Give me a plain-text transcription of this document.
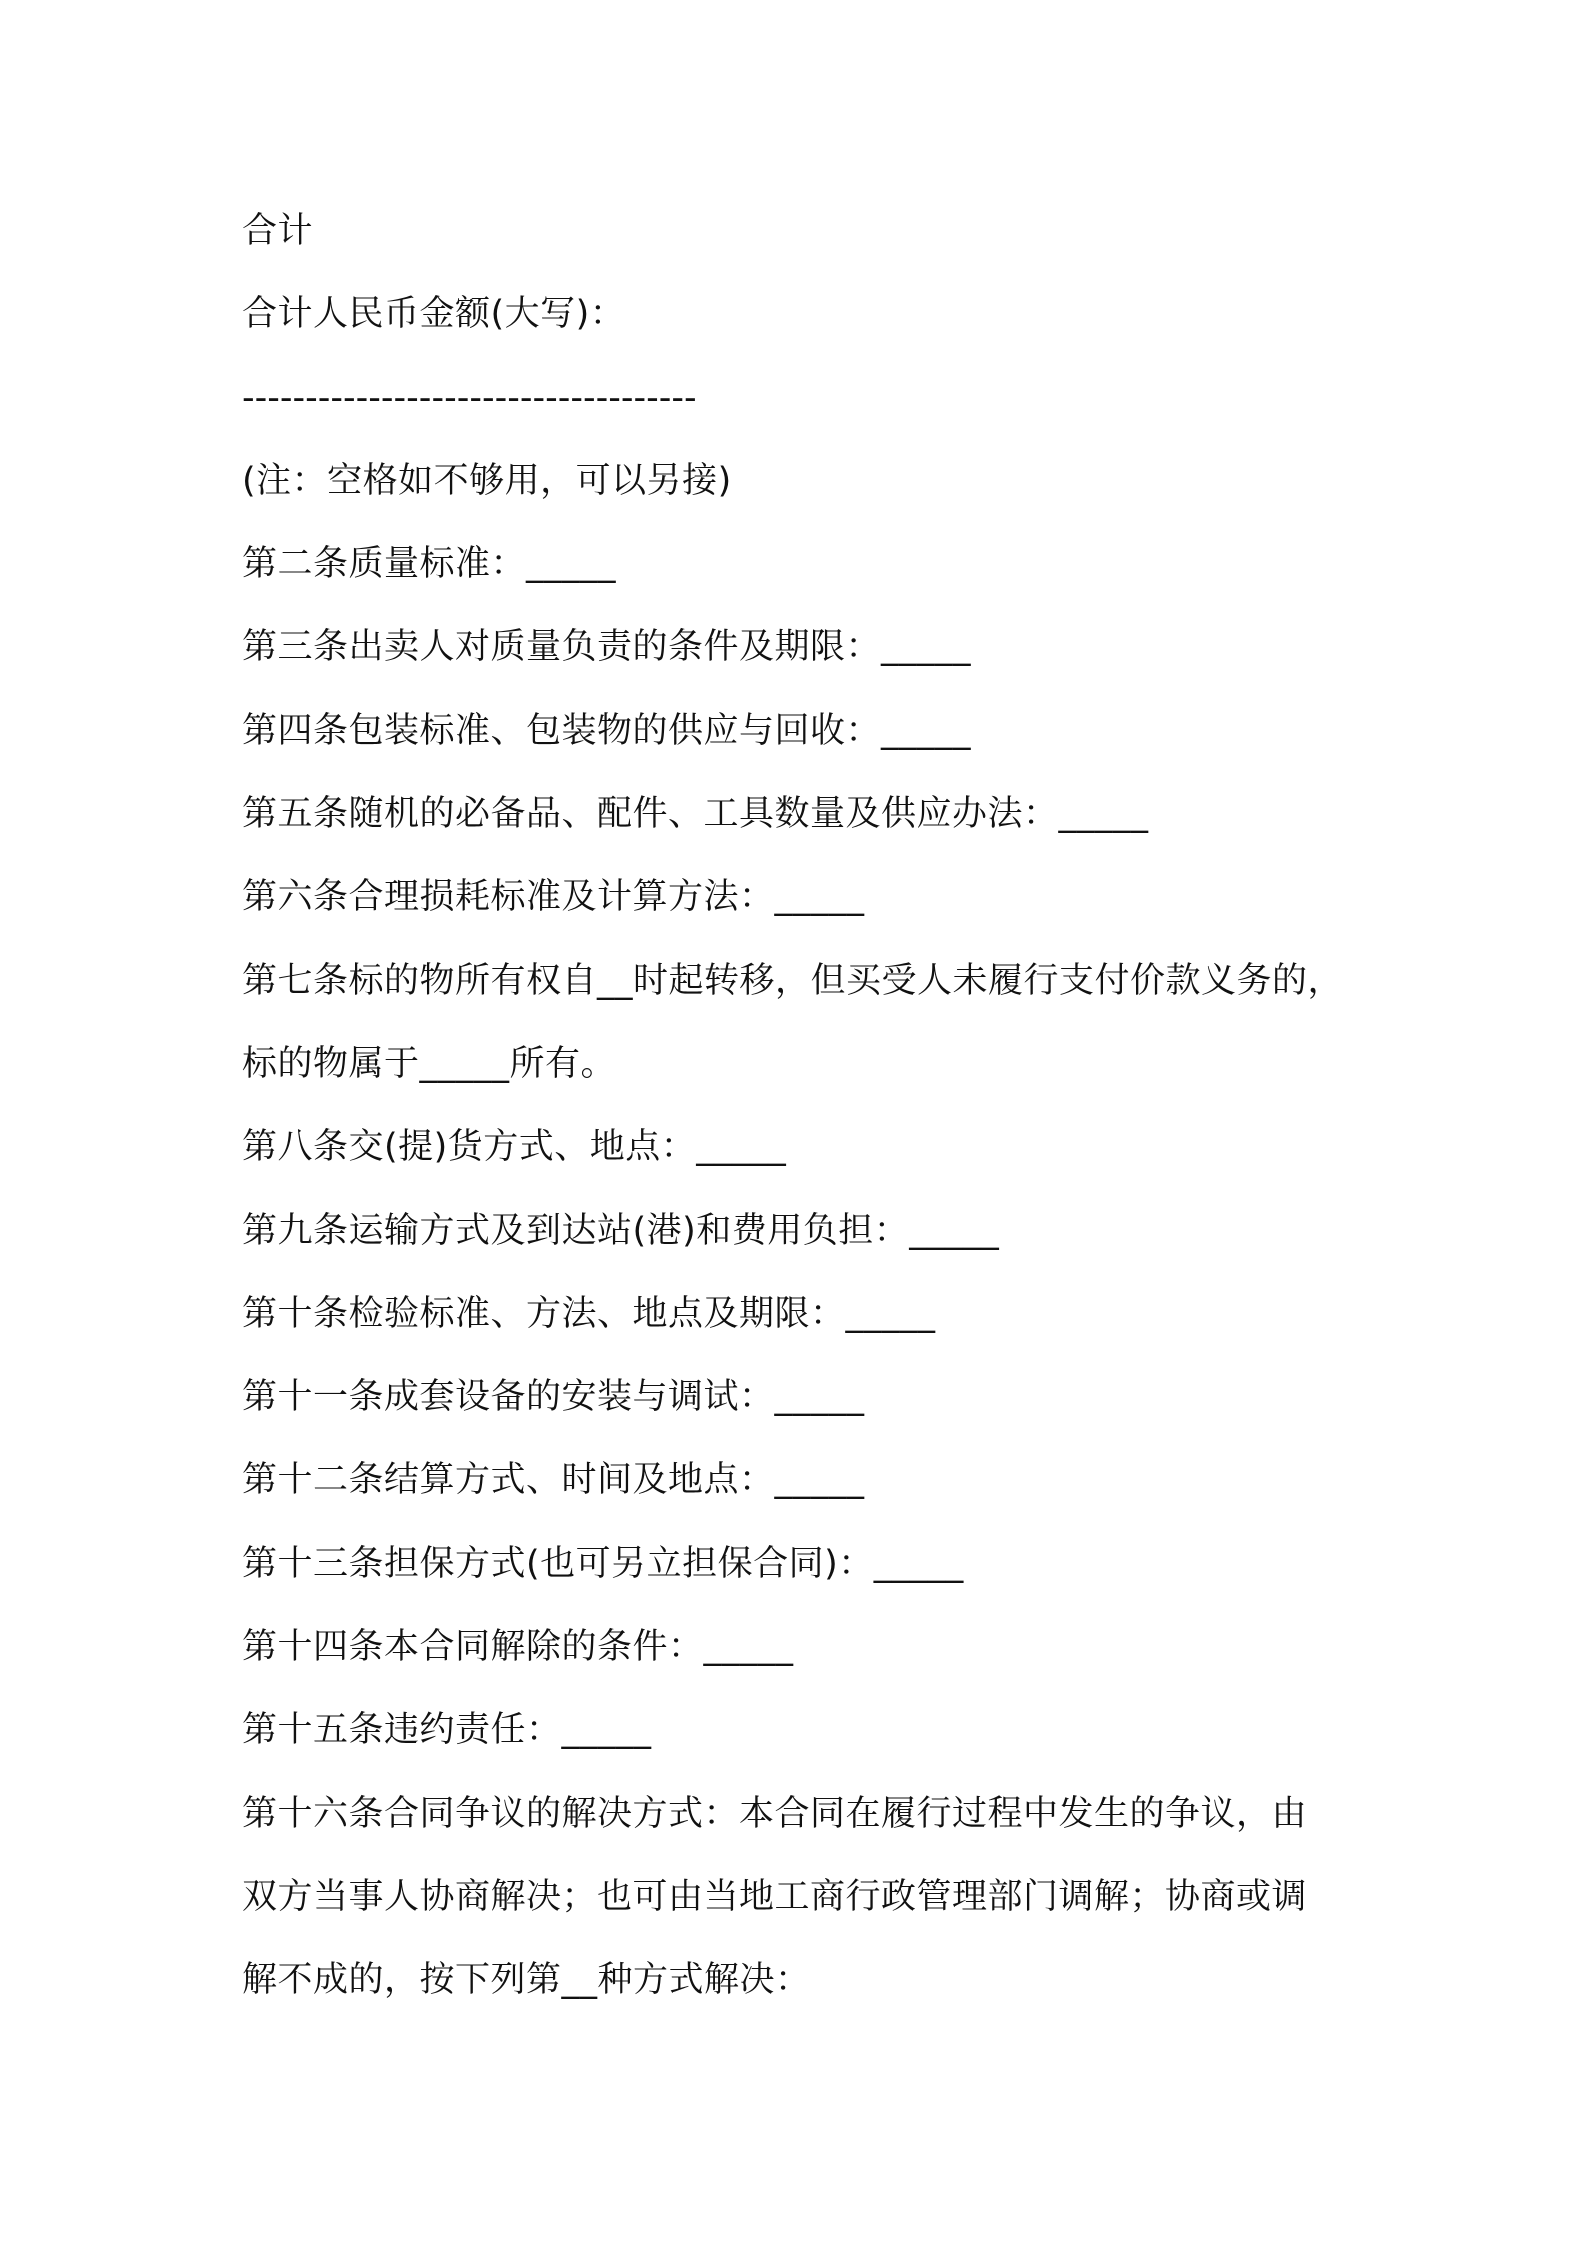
合计
合计人民币金额(大写)：
------------------------------------
(注：空格如不够用，可以另接)
第二条质量标准：_____
第三条出卖人对质量负责的条件及期限：_____
第四条包装标准、包装物的供应与回收：_____
第五条随机的必备品、配件、工具数量及供应办法：_____
第六条合理损耗标准及计算方法：_____
第七条标的物所有权自__时起转移，但买受人未履行支付价款义务的，
标的物属于_____所有。
第八条交(提)货方式、地点：_____
第九条运输方式及到达站(港)和费用负担：_____
第十条检验标准、方法、地点及期限：_____
第十一条成套设备的安装与调试：_____
第十二条结算方式、时间及地点：_____
第十三条担保方式(也可另立担保合同)：_____
第十四条本合同解除的条件：_____
第十五条违约责任：_____
第十六条合同争议的解决方式：本合同在履行过程中发生的争议，由
双方当事人协商解决；也可由当地工商行政管理部门调解；协商或调
解不成的，按下列第__种方式解决：
